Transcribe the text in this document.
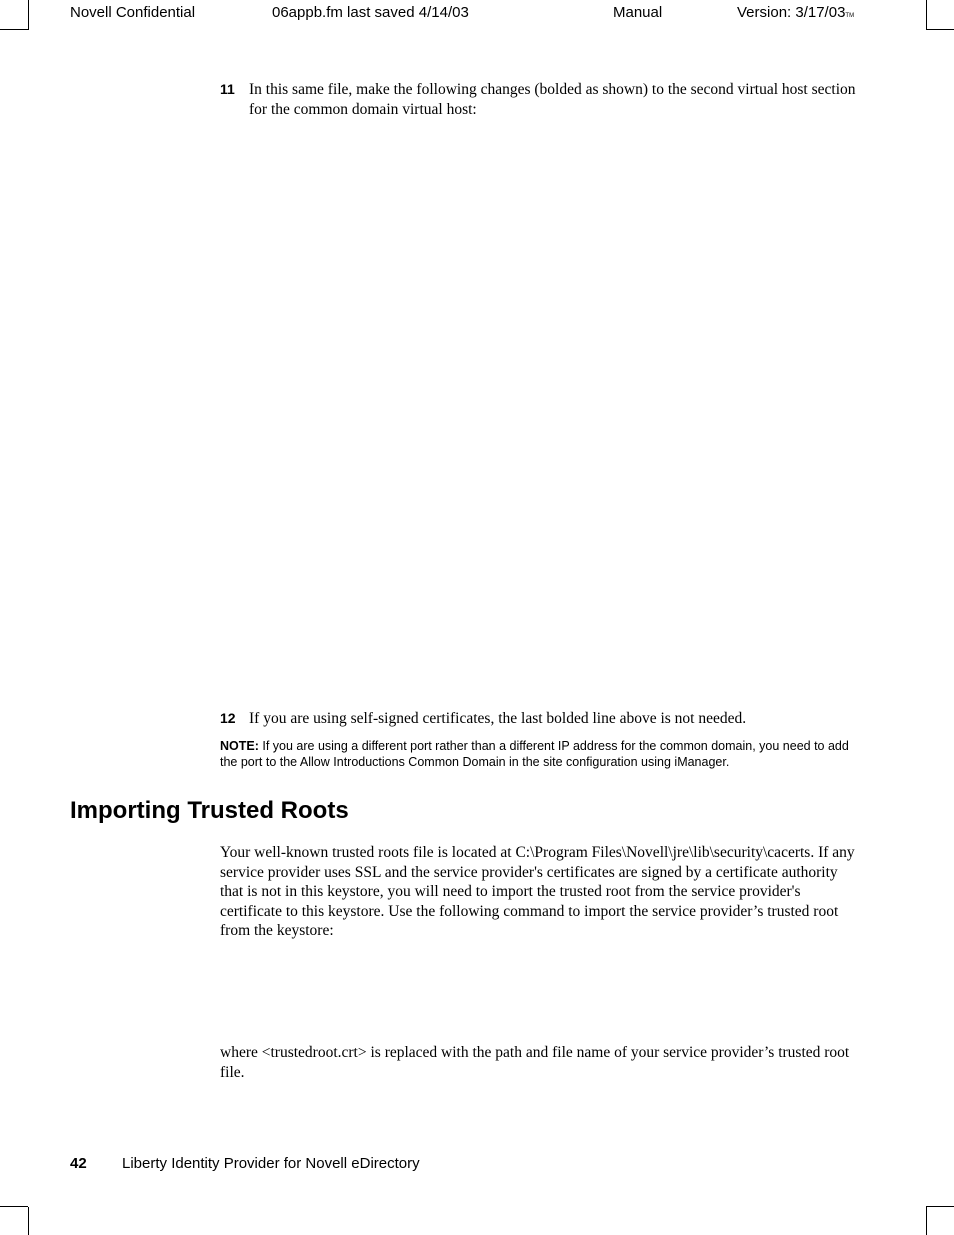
Novell Confidential	06appb.fm last saved 4/14/03	Manual	Version: 3/17/03TM
11 In this same file, make the following changes (bolded as shown) to the second virtual host section for the common domain virtual host:
12 If you are using self-signed certificates, the last bolded line above is not needed.
NOTE: If you are using a different port rather than a different IP address for the common domain, you need to add the port to the Allow Introductions Common Domain in the site configuration using iManager.
Importing Trusted Roots
Your well-known trusted roots file is located at C:\Program Files\Novell\jre\lib\security\cacerts. If any service provider uses SSL and the service provider's certificates are signed by a certificate authority that is not in this keystore, you will need to import the trusted root from the service provider's certificate to this keystore. Use the following command to import the service provider’s trusted root from the keystore:
where <trustedroot.crt> is replaced with the path and file name of your service provider’s trusted root file.
42 Liberty Identity Provider for Novell eDirectory
